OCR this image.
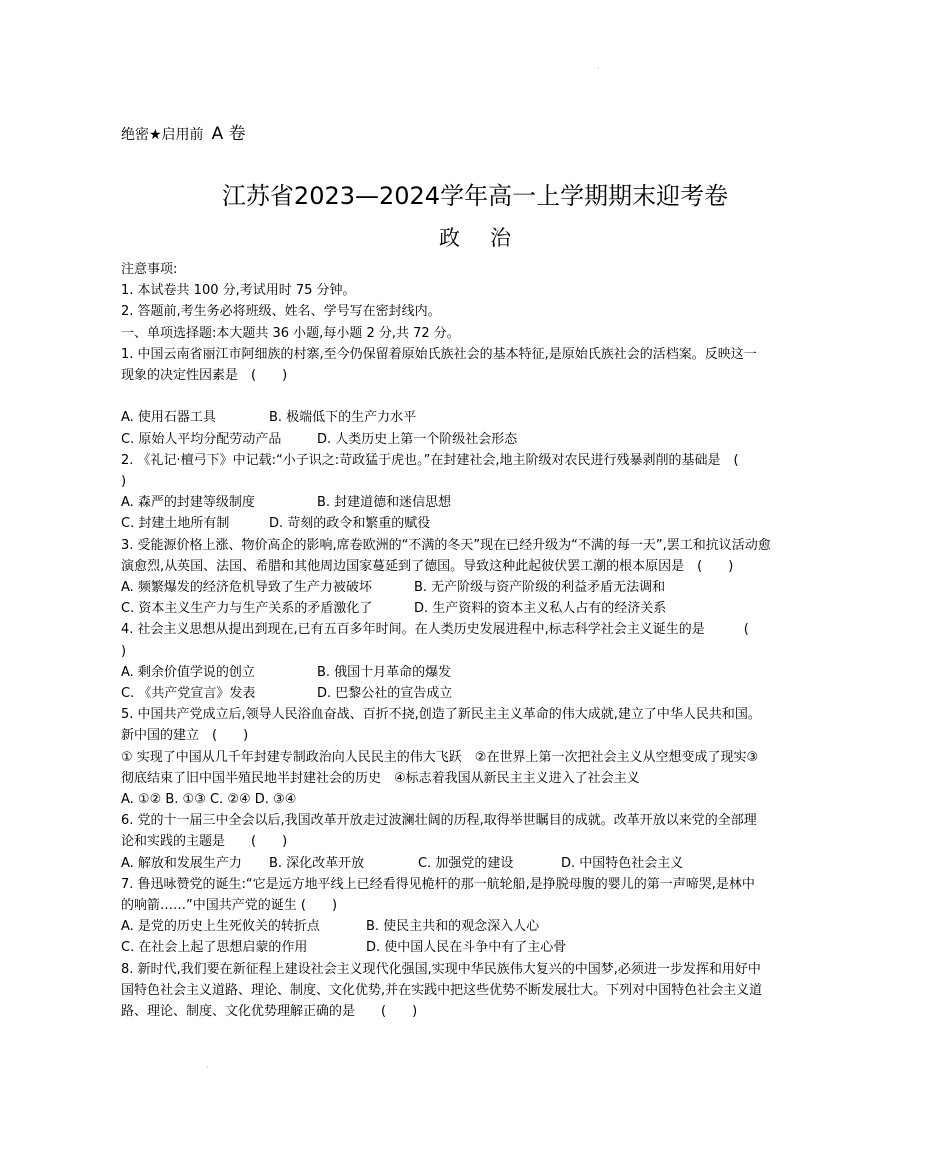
·
·
绝密★启用前 A 卷
江苏省2023—2024学年高一上学期期末迎考卷
政治
注意事项:
1. 本试卷共 100 分,考试用时 75 分钟。
2. 答题前,考生务必将班级、姓名、学号写在密封线内。
一、单项选择题:本大题共 36 小题,每小题 2 分,共 72 分。
1. 中国云南省丽江市阿细族的村寨,至今仍保留着原始氏族社会的基本特征,是原始氏族社会的活档案。反映这一
现象的决定性因素是　(　　)
A. 使用石器工具	B. 极端低下的生产力水平
C. 原始人平均分配劳动产品	D. 人类历史上第一个阶级社会形态
2. 《礼记·檀弓下》中记载:“小子识之:苛政猛于虎也。”在封建社会,地主阶级对农民进行残暴剥削的基础是　(
)
A. 森严的封建等级制度	B. 封建道德和迷信思想
C. 封建土地所有制	D. 苛刻的政令和繁重的赋役
3. 受能源价格上涨、物价高企的影响,席卷欧洲的“不满的冬天”现在已经升级为“不满的每一天”,罢工和抗议活动愈
演愈烈,从英国、法国、希腊和其他周边国家蔓延到了德国。导致这种此起彼伏罢工潮的根本原因是　(　　)
A. 频繁爆发的经济危机导致了生产力被破坏	B. 无产阶级与资产阶级的利益矛盾无法调和
C. 资本主义生产力与生产关系的矛盾激化了	D. 生产资料的资本主义私人占有的经济关系
4. 社会主义思想从提出到现在,已有五百多年时间。在人类历史发展进程中,标志科学社会主义诞生的是　　　(
)
A. 剩余价值学说的创立	B. 俄国十月革命的爆发
C. 《共产党宣言》发表	D. 巴黎公社的宣告成立
5. 中国共产党成立后,领导人民浴血奋战、百折不挠,创造了新民主主义革命的伟大成就,建立了中华人民共和国。
新中国的建立　(　　)
① 实现了中国从几千年封建专制政治向人民民主的伟大飞跃　②在世界上第一次把社会主义从空想变成了现实③
彻底结束了旧中国半殖民地半封建社会的历史　④标志着我国从新民主主义进入了社会主义
A. ①② B. ①③ C. ②④ D. ③④
6. 党的十一届三中全会以后,我国改革开放走过波澜壮阔的历程,取得举世瞩目的成就。改革开放以来党的全部理
论和实践的主题是　　(　　)
A. 解放和发展生产力	B. 深化改革开放	C. 加强党的建设	D. 中国特色社会主义
7. 鲁迅咏赞党的诞生:“它是远方地平线上已经看得见桅杆的那一航轮船,是挣脱母腹的婴儿的第一声啼哭,是林中
的响箭……”中国共产党的诞生 (　　)
A. 是党的历史上生死攸关的转折点	B. 使民主共和的观念深入人心
C. 在社会上起了思想启蒙的作用	D. 使中国人民在斗争中有了主心骨
8. 新时代,我们要在新征程上建设社会主义现代化强国,实现中华民族伟大复兴的中国梦,必须进一步发挥和用好中
国特色社会主义道路、理论、制度、文化优势,并在实践中把这些优势不断发展壮大。下列对中国特色社会主义道
路、理论、制度、文化优势理解正确的是　　(　　)
